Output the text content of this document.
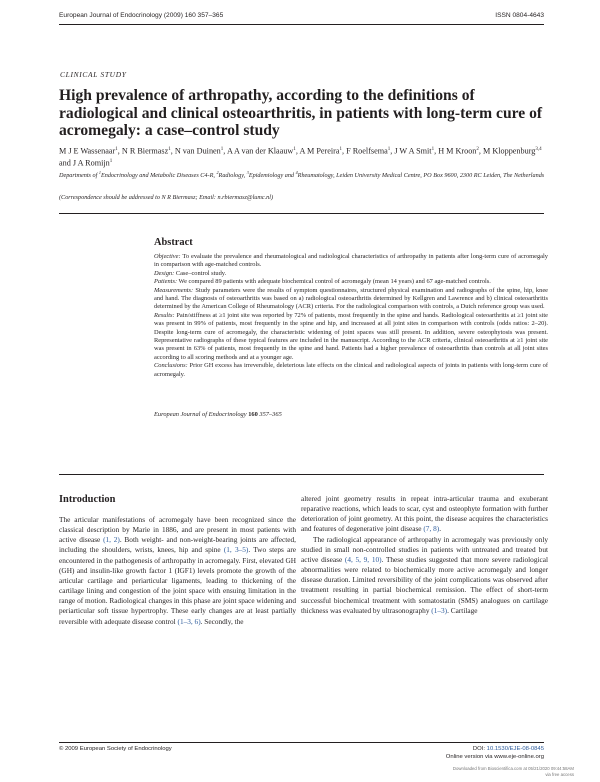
European Journal of Endocrinology (2009) 160 357–365	ISSN 0804-4643
CLINICAL STUDY
High prevalence of arthropathy, according to the definitions of radiological and clinical osteoarthritis, in patients with long-term cure of acromegaly: a case–control study
M J E Wassenaar$^1$, N R Biermasz$^1$, N van Duinen$^1$, A A van der Klaauw$^1$, A M Pereira$^1$, F Roelfsema$^1$, J W A Smit$^1$, H M Kroon$^2$, M Kloppenburg$^{3,4}$ and J A Romijn$^1$
Departments of $^1$Endocrinology and Metabolic Diseases C4-R, $^2$Radiology, $^3$Epidemiology and $^4$Rheumatology, Leiden University Medical Centre, PO Box 9600, 2300 RC Leiden, The Netherlands
(Correspondence should be addressed to N R Biermasz; Email: n.rbiermasz@lumc.nl)
Abstract

Objective: To evaluate the prevalence and rheumatological and radiological characteristics of arthropathy in patients after long-term cure of acromegaly in comparison with age-matched controls.

Design: Case–control study.

Patients: We compared 89 patients with adequate biochemical control of acromegaly (mean 14 years) and 67 age-matched controls.

Measurements: Study parameters were the results of symptom questionnaires, structured physical examination and radiographs of the spine, hip, knee and hand. The diagnosis of osteoarthritis was based on a) radiological osteoarthritis determined by Kellgren and Lawrence and b) clinical osteoarthritis determined by the American College of Rheumatology (ACR) criteria. For the radiological comparison with controls, a Dutch reference group was used.

Results: Pain/stiffness at ≥1 joint site was reported by 72% of patients, most frequently in the spine and hands. Radiological osteoarthritis at ≥1 joint site was present in 99% of patients, most frequently in the spine and hip, and increased at all joint sites in comparison with controls (odds ratios: 2–20). Despite long-term cure of acromegaly, the characteristic widening of joint spaces was still present. In addition, severe osteophytosis was present. Representative radiographs of these typical features are included in the manuscript. According to the ACR criteria, clinical osteoarthritis at ≥1 joint site was present in 63% of patients, most frequently in the spine and hand. Patients had a higher prevalence of osteoarthritis than controls at all joint sites according to all scoring methods and at a younger age.

Conclusions: Prior GH excess has irreversible, deleterious late effects on the clinical and radiological aspects of joints in patients with long-term cure of acromegaly.

European Journal of Endocrinology 160 357–365
Introduction

The articular manifestations of acromegaly have been recognized since the classical description by Marie in 1886, and are present in most patients with active disease (1, 2). Both weight- and non-weight-bearing joints are affected, including the shoulders, wrists, knees, hip and spine (1, 3–5). Two steps are encountered in the pathogenesis of arthropathy in acromegaly. First, elevated GH (GH) and insulin-like growth factor 1 (IGF1) levels promote the growth of the articular cartilage and periarticular ligaments, leading to thickening of the cartilage lining and congestion of the joint space with ensuing limitation in the range of motion. Radiological changes in this phase are joint space widening and periarticular soft tissue hypertrophy. These early changes are at least partially reversible with adequate disease control (1–3, 6). Secondly, the

altered joint geometry results in repeat intra-articular trauma and exuberant reparative reactions, which leads to scar, cyst and osteophyte formation with further deterioration of joint geometry. At this point, the disease acquires the characteristics and features of degenerative joint disease (7, 8).

The radiological appearance of arthropathy in acromegaly was previously only studied in small non-controlled studies in patients with untreated and treated but active disease (4, 5, 9, 10). These studies suggested that more severe radiological abnormalities were related to biochemically more active acromegaly and longer disease duration. Limited reversibility of the joint complications was observed after treatment resulting in partial biochemical remission. The effect of short-term successful biochemical treatment with somatostatin (SMS) analogues on cartilage thickness was evaluated by ultrasonography (1–3). Cartilage

© 2009 European Society of Endocrinology	DOI: 10.1530/EJE-08-0845
Online version via www.eje-online.org
Downloaded from Bioscientifica.com at 05/21/2020 09:44:58AM
via free access
